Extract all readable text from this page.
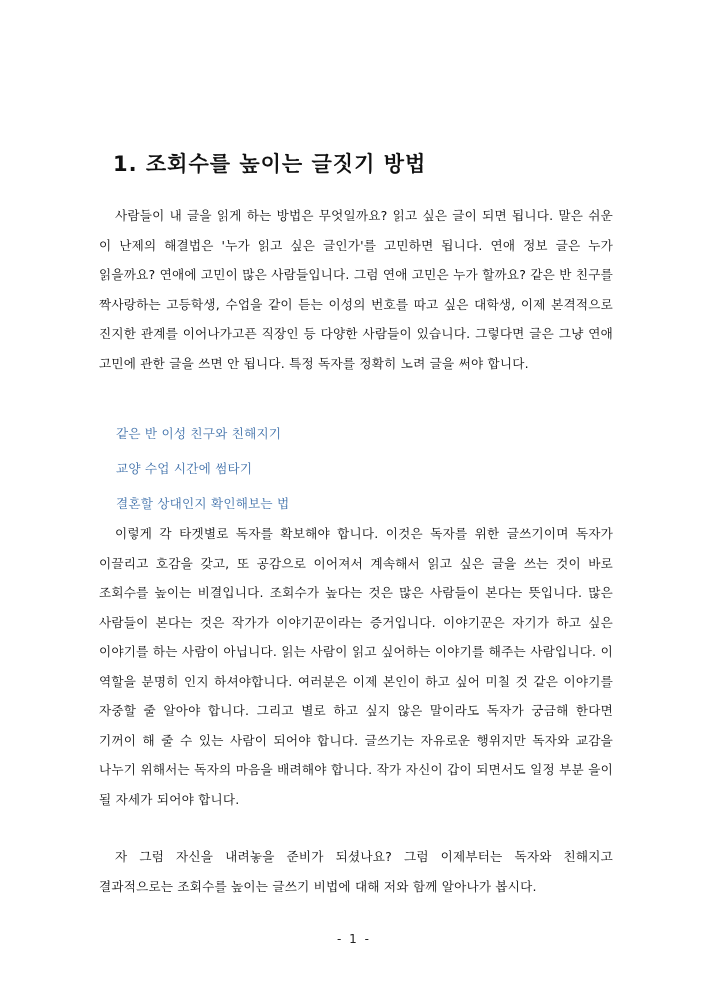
1. 조회수를 높이는 글짓기 방법

사람들이 내 글을 읽게 하는 방법은 무엇일까요? 읽고 싶은 글이 되면 됩니다. 말은 쉬운 이 난제의 해결법은 '누가 읽고 싶은 글인가'를 고민하면 됩니다. 연애 정보 글은 누가 읽을까요? 연애에 고민이 많은 사람들입니다. 그럼 연애 고민은 누가 할까요? 같은 반 친구를 짝사랑하는 고등학생, 수업을 같이 듣는 이성의 번호를 따고 싶은 대학생, 이제 본격적으로 진지한 관계를 이어나가고픈 직장인 등 다양한 사람들이 있습니다. 그렇다면 글은 그냥 연애 고민에 관한 글을 쓰면 안 됩니다. 특정 독자를 정확히 노려 글을 써야 합니다.

같은 반 이성 친구와 친해지기
교양 수업 시간에 썸타기
결혼할 상대인지 확인해보는 법

이렇게 각 타겟별로 독자를 확보해야 합니다. 이것은 독자를 위한 글쓰기이며 독자가 이끌리고 호감을 갖고, 또 공감으로 이어져서 계속해서 읽고 싶은 글을 쓰는 것이 바로 조회수를 높이는 비결입니다. 조회수가 높다는 것은 많은 사람들이 본다는 뜻입니다. 많은 사람들이 본다는 것은 작가가 이야기꾼이라는 증거입니다. 이야기꾼은 자기가 하고 싶은 이야기를 하는 사람이 아닙니다. 읽는 사람이 읽고 싶어하는 이야기를 해주는 사람입니다. 이 역할을 분명히 인지 하셔야합니다. 여러분은 이제 본인이 하고 싶어 미칠 것 같은 이야기를 자중할 줄 알아야 합니다. 그리고 별로 하고 싶지 않은 말이라도 독자가 궁금해 한다면 기꺼이 해 줄 수 있는 사람이 되어야 합니다. 글쓰기는 자유로운 행위지만 독자와 교감을 나누기 위해서는 독자의 마음을 배려해야 합니다. 작가 자신이 갑이 되면서도 일정 부분 을이 될 자세가 되어야 합니다.

자 그럼 자신을 내려놓을 준비가 되셨나요? 그럼 이제부터는 독자와 친해지고 결과적으로는 조회수를 높이는 글쓰기 비법에 대해 저와 함께 알아나가 봅시다.

- 1 -
